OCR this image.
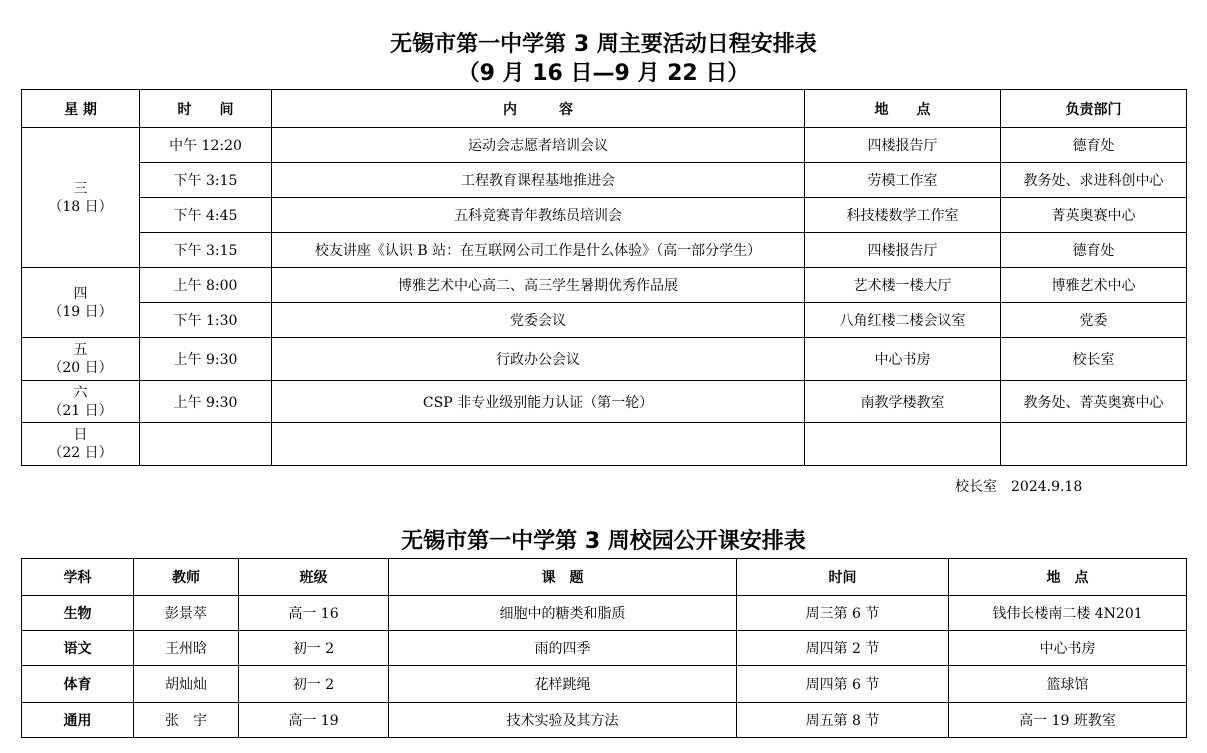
无锡市第一中学第 3 周主要活动日程安排表
（9 月 16 日—9 月 22 日）
星 期	时　　间	内　　　容	地　　点	负责部门

三
（18 日）	中午 12:20	运动会志愿者培训会议	四楼报告厅	德育处
	下午 3:15	工程教育课程基地推进会	劳模工作室	教务处、求进科创中心
	下午 4:45	五科竞赛青年教练员培训会	科技楼数学工作室	菁英奥赛中心
	下午 3:15	校友讲座《认识 B 站：在互联网公司工作是什么体验》（高一部分学生）	四楼报告厅	德育处

四
（19 日）	上午 8:00	博雅艺术中心高二、高三学生暑期优秀作品展	艺术楼一楼大厅	博雅艺术中心
	下午 1:30	党委会议	八角红楼二楼会议室	党委

五
（20 日）	上午 9:30	行政办公会议	中心书房	校长室

六
（21 日）	上午 9:30	CSP 非专业级别能力认证（第一轮）	南教学楼教室	教务处、菁英奥赛中心

日
（22 日）				

校长室　2024.9.18
无锡市第一中学第 3 周校园公开课安排表
学科	教师	班级	课　题	时间	地　点
生物	彭景萃	高一 16	细胞中的糖类和脂质	周三第 6 节	钱伟长楼南二楼 4N201
语文	王州晗	初一 2	雨的四季	周四第 2 节	中心书房
体育	胡灿灿	初一 2	花样跳绳	周四第 6 节	篮球馆
通用	张　宇	高一 19	技术实验及其方法	周五第 8 节	高一 19 班教室
